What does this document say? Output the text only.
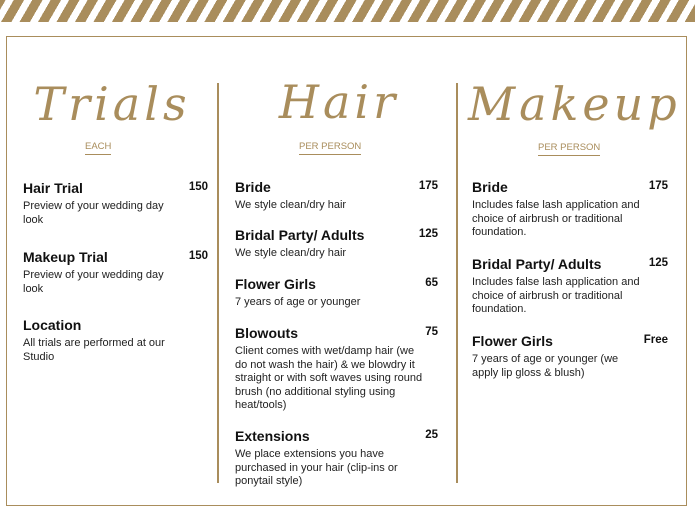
Trials
EACH
Hair Trial	150
Preview of your wedding day look
Makeup Trial	150
Preview of your wedding day look
Location
All trials are performed at our Studio
Hair
PER PERSON
Bride	175
We style clean/dry hair
Bridal Party/ Adults	125
We style clean/dry hair
Flower Girls	65
7 years of age or younger
Blowouts	75
Client comes with wet/damp hair (we do not wash the hair) & we blowdry it straight or with soft waves using round brush (no additional styling using heat/tools)
Extensions	25
We place extensions you have purchased in your hair (clip-ins or ponytail style)
Makeup
PER PERSON
Bride	175
Includes false lash application and choice of airbrush or traditional foundation.
Bridal Party/ Adults	125
Includes false lash application and choice of airbrush or traditional foundation.
Flower Girls	Free
7 years of age or younger (we apply lip gloss & blush)
